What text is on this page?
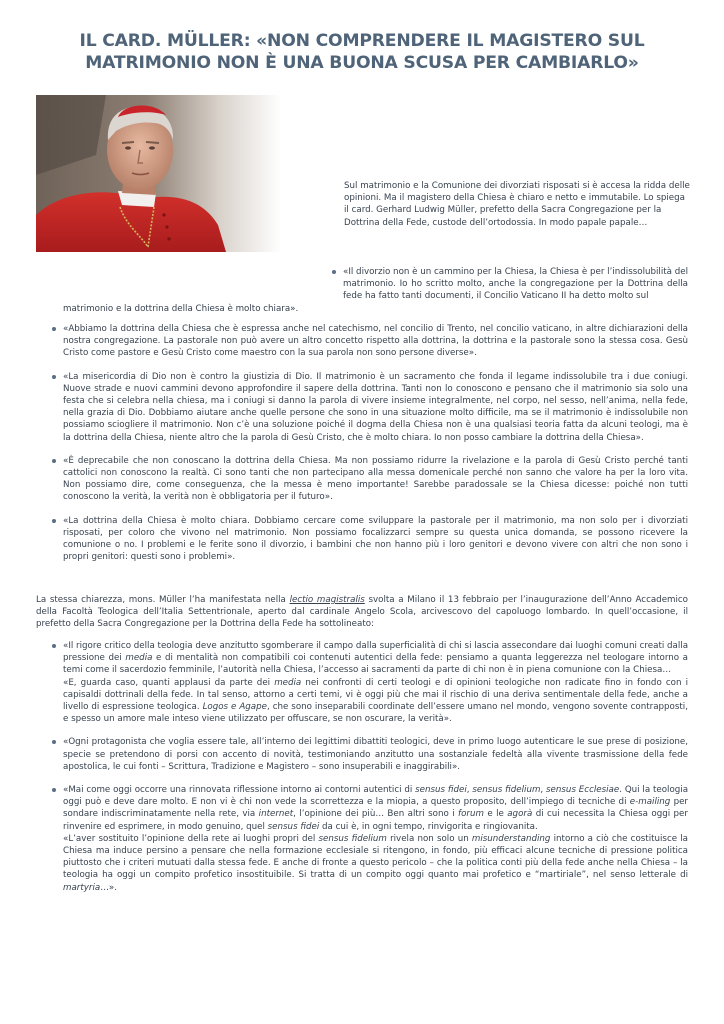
IL CARD. MÜLLER: «NON COMPRENDERE IL MAGISTERO SUL
MATRIMONIO NON È UNA BUONA SCUSA PER CAMBIARLO»
Sul matrimonio e la Comunione dei divorziati risposati si è accesa la ridda delle opinioni. Ma il magistero della Chiesa è chiaro e netto e immutabile. Lo spiega il card. Gerhard Ludwig Müller, prefetto della Sacra Congregazione per la Dottrina della Fede, custode dell’ortodossia. In modo papale papale…
«Il divorzio non è un cammino per la Chiesa, la Chiesa è per l’indissolubilità del matrimonio. Io ho scritto molto, anche la congregazione per la Dottrina della fede ha fatto tanti documenti, il Concilio Vaticano II ha detto molto sul
matrimonio e la dottrina della Chiesa è molto chiara».

«Abbiamo la dottrina della Chiesa che è espressa anche nel catechismo, nel concilio di Trento, nel concilio vaticano, in altre dichiarazioni della nostra congregazione. La pastorale non può avere un altro concetto rispetto alla dottrina, la dottrina e la pastorale sono la stessa cosa. Gesù Cristo come pastore e Gesù Cristo come maestro con la sua parola non sono persone diverse».

«La misericordia di Dio non è contro la giustizia di Dio. Il matrimonio è un sacramento che fonda il legame indissolubile tra i due coniugi. Nuove strade e nuovi cammini devono approfondire il sapere della dottrina. Tanti non lo conoscono e pensano che il matrimonio sia solo una festa che si celebra nella chiesa, ma i coniugi si danno la parola di vivere insieme integralmente, nel corpo, nel sesso, nell’anima, nella fede, nella grazia di Dio. Dobbiamo aiutare anche quelle persone che sono in una situazione molto difficile, ma se il matrimonio è indissolubile non possiamo sciogliere il matrimonio. Non c’è una soluzione poiché il dogma della Chiesa non è una qualsiasi teoria fatta da alcuni teologi, ma è la dottrina della Chiesa, niente altro che la parola di Gesù Cristo, che è molto chiara. Io non posso cambiare la dottrina della Chiesa».

«È deprecabile che non conoscano la dottrina della Chiesa. Ma non possiamo ridurre la rivelazione e la parola di Gesù Cristo perché tanti cattolici non conoscono la realtà. Ci sono tanti che non partecipano alla messa domenicale perché non sanno che valore ha per la loro vita. Non possiamo dire, come conseguenza, che la messa è meno importante! Sarebbe paradossale se la Chiesa dicesse: poiché non tutti conoscono la verità, la verità non è obbligatoria per il futuro».

«La dottrina della Chiesa è molto chiara. Dobbiamo cercare come sviluppare la pastorale per il matrimonio, ma non solo per i divorziati risposati, per coloro che vivono nel matrimonio. Non possiamo focalizzarci sempre su questa unica domanda, se possono ricevere la comunione o no. I problemi e le ferite sono il divorzio, i bambini che non hanno più i loro genitori e devono vivere con altri che non sono i propri genitori: questi sono i problemi».

La stessa chiarezza, mons. Müller l’ha manifestata nella lectio magistralis svolta a Milano il 13 febbraio per l’inaugurazione dell’Anno Accademico della Facoltà Teologica dell’Italia Settentrionale, aperto dal cardinale Angelo Scola, arcivescovo del capoluogo lombardo. In quell’occasione, il prefetto della Sacra Congregazione per la Dottrina della Fede ha sottolineato:

«Il rigore critico della teologia deve anzitutto sgomberare il campo dalla superficialità di chi si lascia assecondare dai luoghi comuni creati dalla pressione dei media e di mentalità non compatibili coi contenuti autentici della fede: pensiamo a quanta leggerezza nel teologare intorno a temi come il sacerdozio femminile, l’autorità nella Chiesa, l’accesso ai sacramenti da parte di chi non è in piena comunione con la Chiesa…

«E, guarda caso, quanti applausi da parte dei media nei confronti di certi teologi e di opinioni teologiche non radicate fino in fondo con i capisaldi dottrinali della fede. In tal senso, attorno a certi temi, vi è oggi più che mai il rischio di una deriva sentimentale della fede, anche a livello di espressione teologica. Logos e Agape, che sono inseparabili coordinate dell’essere umano nel mondo, vengono sovente contrapposti, e spesso un amore male inteso viene utilizzato per offuscare, se non oscurare, la verità».

«Ogni protagonista che voglia essere tale, all’interno dei legittimi dibattiti teologici, deve in primo luogo autenticare le sue prese di posizione, specie se pretendono di porsi con accento di novità, testimoniando anzitutto una sostanziale fedeltà alla vivente trasmissione della fede apostolica, le cui fonti – Scrittura, Tradizione e Magistero – sono insuperabili e inaggirabili».

«Mai come oggi occorre una rinnovata riflessione intorno ai contorni autentici di sensus fidei, sensus fidelium, sensus Ecclesiae. Qui la teologia oggi può e deve dare molto. E non vi è chi non vede la scorrettezza e la miopia, a questo proposito, dell’impiego di tecniche di e-mailing per sondare indiscriminatamente nella rete, via internet, l’opinione dei più… Ben altri sono i forum e le agorà di cui necessita la Chiesa oggi per rinvenire ed esprimere, in modo genuino, quel sensus fidei da cui è, in ogni tempo, rinvigorita e ringiovanita.

«L’aver sostituito l’opinione della rete ai luoghi propri del sensus fidelium rivela non solo un misunderstanding intorno a ciò che costituisce la Chiesa ma induce persino a pensare che nella formazione ecclesiale si ritengono, in fondo, più efficaci alcune tecniche di pressione politica piuttosto che i criteri mutuati dalla stessa fede. E anche di fronte a questo pericolo – che la politica conti più della fede anche nella Chiesa – la teologia ha oggi un compito profetico insostituibile. Si tratta di un compito oggi quanto mai profetico e “martiriale”, nel senso letterale di martyria…».
